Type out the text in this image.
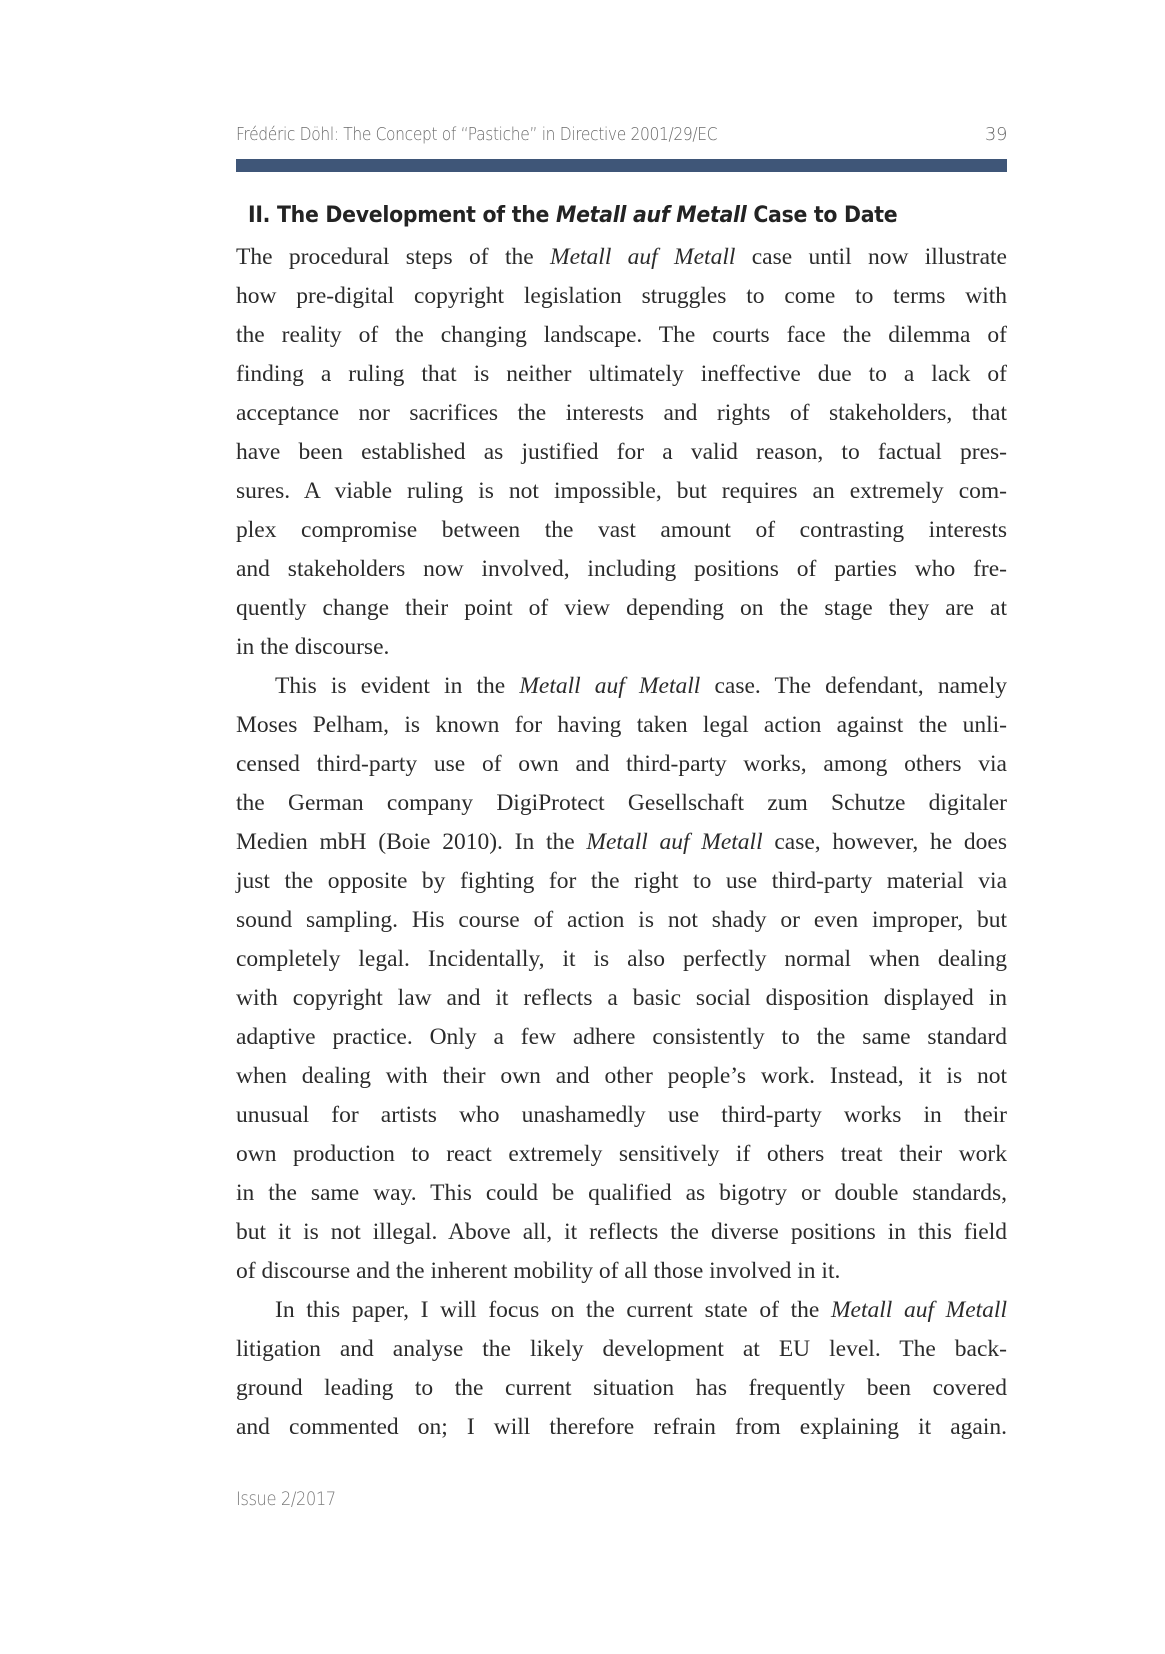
Frédéric Döhl: The Concept of “Pastiche” in Directive 2001/29/EC	39
II. The Development of the Metall auf Metall Case to Date
The procedural steps of the Metall auf Metall case until now illustrate
how pre-digital copyright legislation struggles to come to terms with
the reality of the changing landscape. The courts face the dilemma of
finding a ruling that is neither ultimately ineffective due to a lack of
acceptance nor sacrifices the interests and rights of stakeholders, that
have been established as justified for a valid reason, to factual pres-
sures. A viable ruling is not impossible, but requires an extremely com-
plex compromise between the vast amount of contrasting interests
and stakeholders now involved, including positions of parties who fre-
quently change their point of view depending on the stage they are at
in the discourse.
This is evident in the Metall auf Metall case. The defendant, namely
Moses Pelham, is known for having taken legal action against the unli-
censed third-party use of own and third-party works, among others via
the German company DigiProtect Gesellschaft zum Schutze digitaler
Medien mbH (Boie 2010). In the Metall auf Metall case, however, he does
just the opposite by fighting for the right to use third-party material via
sound sampling. His course of action is not shady or even improper, but
completely legal. Incidentally, it is also perfectly normal when dealing
with copyright law and it reflects a basic social disposition displayed in
adaptive practice. Only a few adhere consistently to the same standard
when dealing with their own and other people’s work. Instead, it is not
unusual for artists who unashamedly use third-party works in their
own production to react extremely sensitively if others treat their work
in the same way. This could be qualified as bigotry or double standards,
but it is not illegal. Above all, it reflects the diverse positions in this field
of discourse and the inherent mobility of all those involved in it.
In this paper, I will focus on the current state of the Metall auf Metall
litigation and analyse the likely development at EU level. The back-
ground leading to the current situation has frequently been covered
and commented on; I will therefore refrain from explaining it again.
Issue 2/2017
